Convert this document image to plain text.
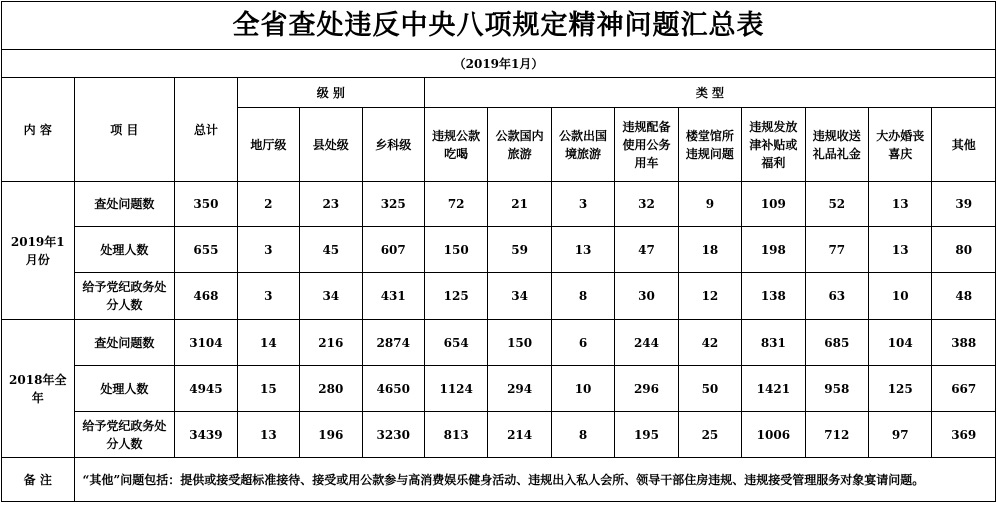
全省查处违反中央八项规定精神问题汇总表
（2019年1月）
内 容	项 目	总计	级 别			类 型								
			地厅级	县处级	乡科级	违规公款吃喝	公款国内旅游	公款出国境旅游	违规配备使用公务用车	楼堂馆所违规问题	违规发放津补贴或福利	违规收送礼品礼金	大办婚丧喜庆	其他
2019年1月份	查处问题数	350	2	23	325	72	21	3	32	9	109	52	13	39
	处理人数	655	3	45	607	150	59	13	47	18	198	77	13	80
	给予党纪政务处分人数	468	3	34	431	125	34	8	30	12	138	63	10	48
2018年全年	查处问题数	3104	14	216	2874	654	150	6	244	42	831	685	104	388
	处理人数	4945	15	280	4650	1124	294	10	296	50	1421	958	125	667
	给予党纪政务处分人数	3439	13	196	3230	813	214	8	195	25	1006	712	97	369
备 注	“其他”问题包括：提供或接受超标准接待、接受或用公款参与高消费娱乐健身活动、违规出入私人会所、领导干部住房违规、违规接受管理服务对象宴请问题。													
